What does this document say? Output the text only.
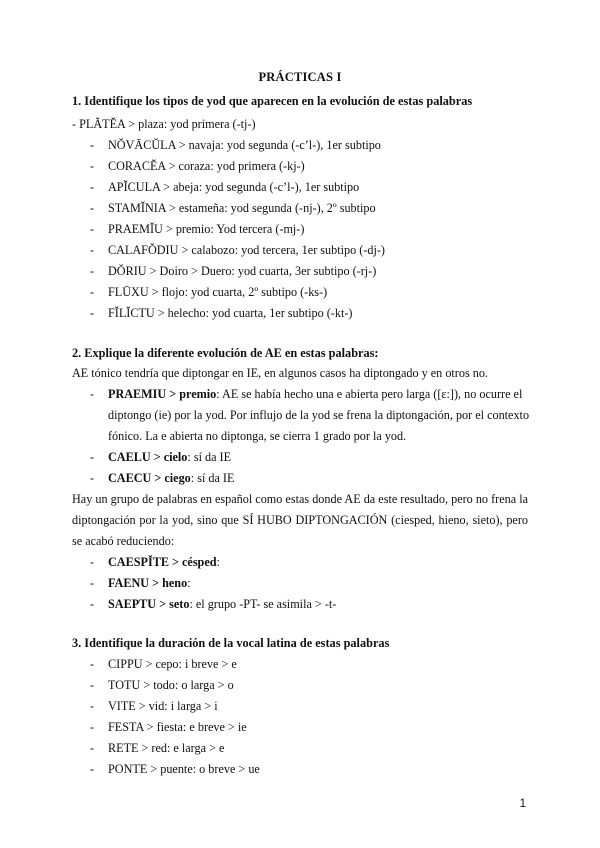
PRÁCTICAS I
1. Identifique los tipos de yod que aparecen en la evolución de estas palabras
- PLĂTĔA > plaza: yod primera (-tj-)
- NŎVĀCŬLA > navaja: yod segunda (-c’l-), 1er subtipo
- CORACĔA > coraza: yod primera (-kj-)
- APĬCULA > abeja: yod segunda (-c’l-), 1er subtipo
- STAMĬNIA > estameña: yod segunda (-nj-), 2º subtipo
- PRAEMĬU > premio: Yod tercera (-mj-)
- CALAFŎDIU > calabozo: yod tercera, 1er subtipo (-dj-)
- DŎRIU > Doiro > Duero: yod cuarta, 3er subtipo (-rj-)
- FLŪXU > flojo: yod cuarta, 2º subtipo (-ks-)
- FĬLĬCTU > helecho: yod cuarta, 1er subtipo (-kt-)
2. Explique la diferente evolución de AE en estas palabras:
AE tónico tendría que diptongar en IE, en algunos casos ha diptongado y en otros no.
- PRAEMIU > premio: AE se había hecho una e abierta pero larga ([ɛ:]), no ocurre el
diptongo (ie) por la yod. Por influjo de la yod se frena la diptongación, por el contexto
fónico. La e abierta no diptonga, se cierra 1 grado por la yod.
- CAELU > cielo: sí da IE
- CAECU > ciego: sí da IE
Hay un grupo de palabras en español como estas donde AE da este resultado, pero no frena la
diptongación por la yod, sino que SÍ HUBO DIPTONGACIÓN (ciesped, hieno, sieto), pero
se acabó reduciendo:
- CAESPĬTE > césped:
- FAENU > heno:
- SAEPTU > seto: el grupo -PT- se asimila > -t-
3. Identifique la duración de la vocal latina de estas palabras
- CIPPU > cepo: i breve > e
- TOTU > todo: o larga > o
- VITE > vid: i larga > i
- FESTA > fiesta: e breve > ie
- RETE > red: e larga > e
- PONTE > puente: o breve > ue
1
